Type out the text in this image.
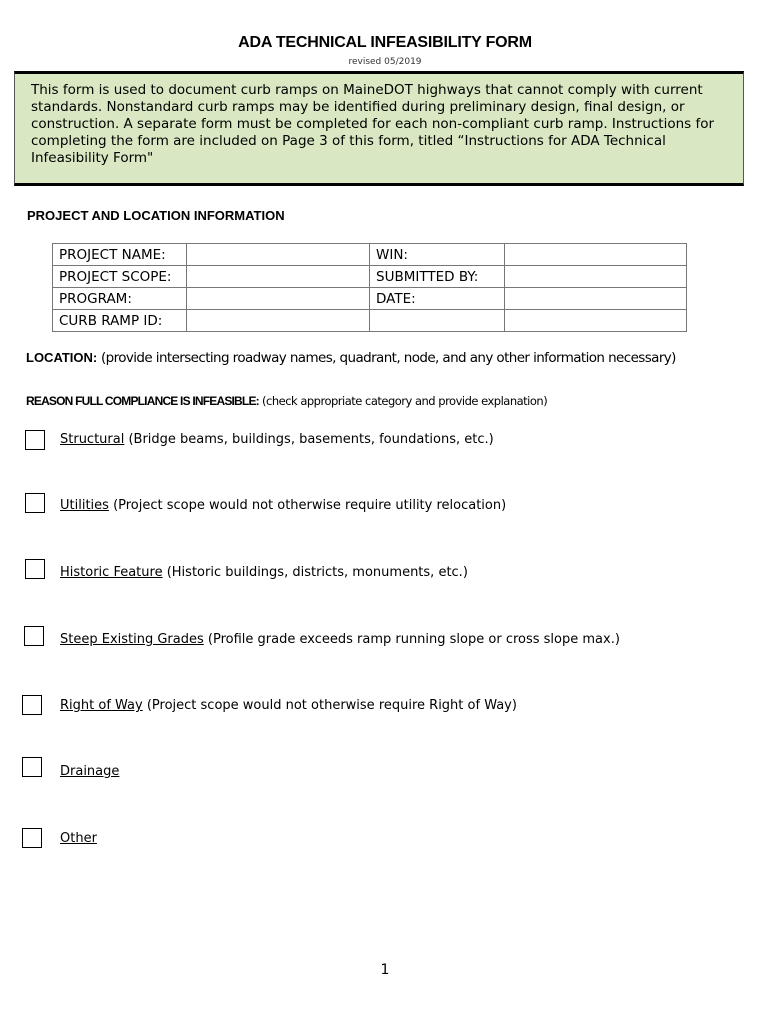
ADA TECHNICAL INFEASIBILITY FORM
revised 05/2019
This form is used to document curb ramps on MaineDOT highways that cannot comply with current standards. Nonstandard curb ramps may be identified during preliminary design, final design, or construction. A separate form must be completed for each non-compliant curb ramp. Instructions for completing the form are included on Page 3 of this form, titled “Instructions for ADA Technical Infeasibility Form"
PROJECT AND LOCATION INFORMATION
PROJECT NAME:		WIN:	
PROJECT SCOPE:		SUBMITTED BY:	
PROGRAM:		DATE:	
CURB RAMP ID:			
LOCATION: (provide intersecting roadway names, quadrant, node, and any other information necessary)
REASON FULL COMPLIANCE IS INFEASIBLE: (check appropriate category and provide explanation)
Structural (Bridge beams, buildings, basements, foundations, etc.)
Utilities (Project scope would not otherwise require utility relocation)
Historic Feature (Historic buildings, districts, monuments, etc.)
Steep Existing Grades (Profile grade exceeds ramp running slope or cross slope max.)
Right of Way (Project scope would not otherwise require Right of Way)
Drainage
Other
1
